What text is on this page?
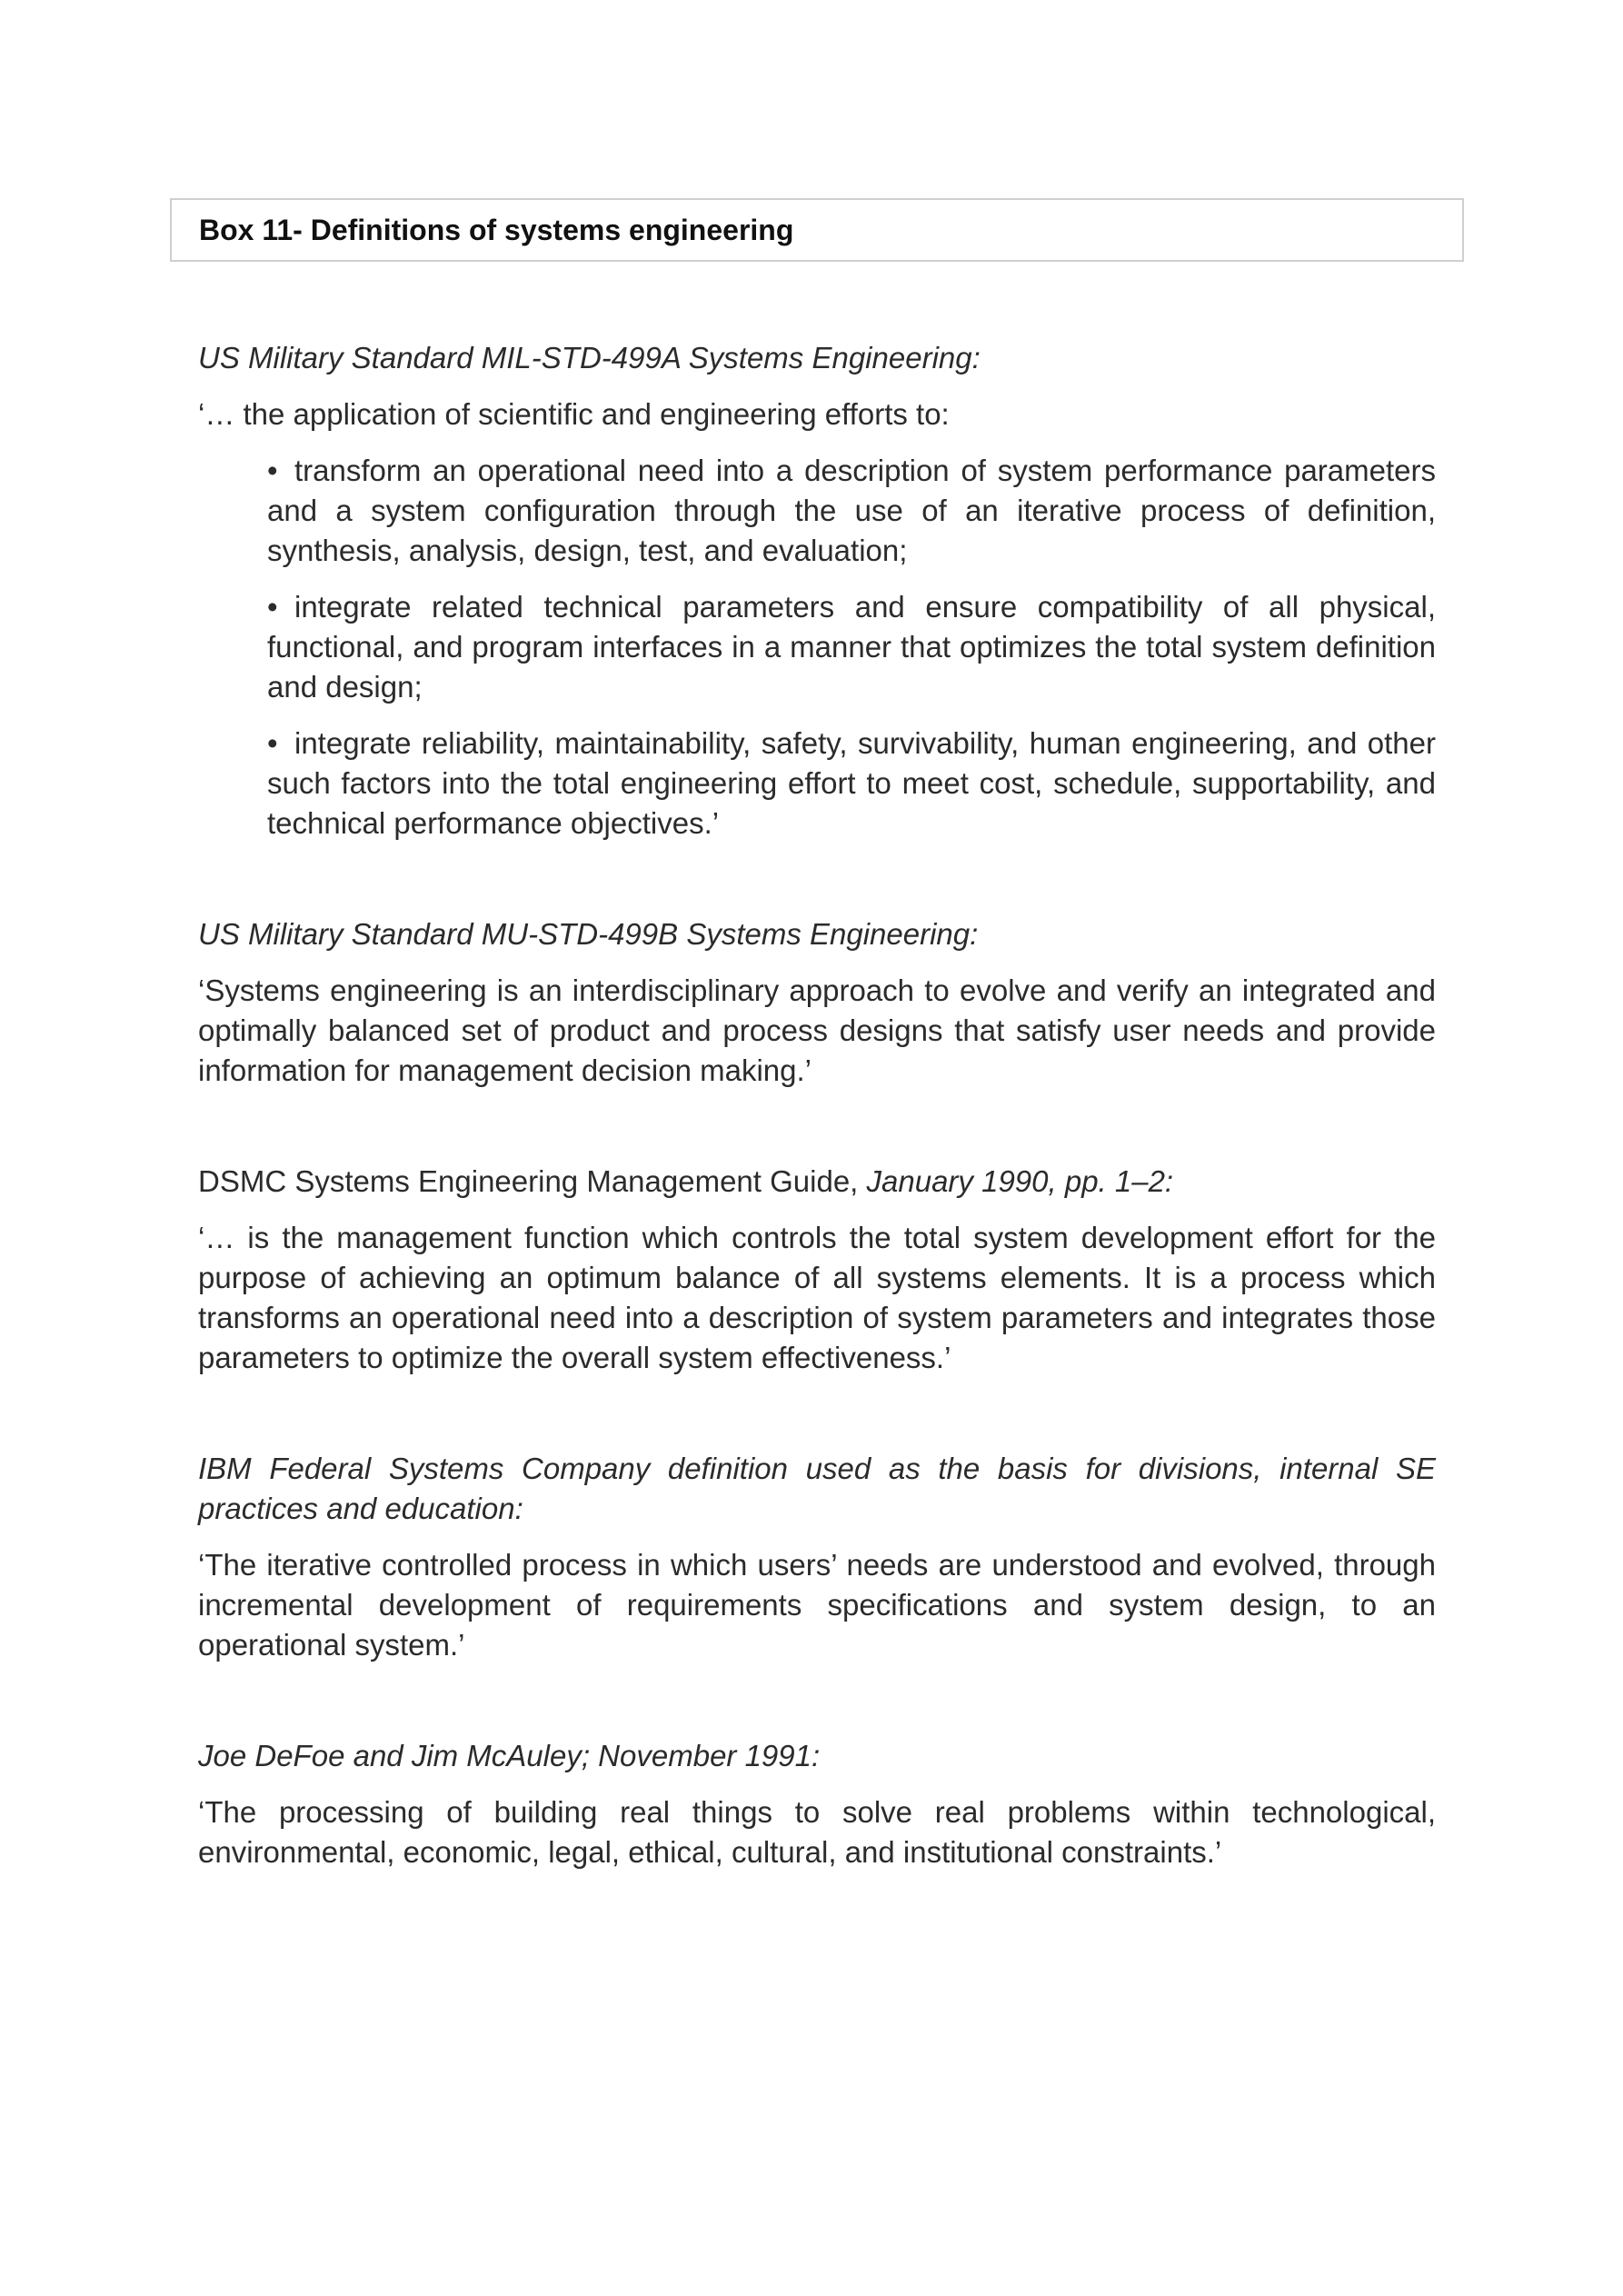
Box 11- Definitions of systems engineering

US Military Standard MIL-STD-499A Systems Engineering:

‘… the application of scientific and engineering efforts to:

• transform an operational need into a description of system performance parameters and a system configuration through the use of an iterative process of definition, synthesis, analysis, design, test, and evaluation;
• integrate related technical parameters and ensure compatibility of all physical, functional, and program interfaces in a manner that optimizes the total system definition and design;
• integrate reliability, maintainability, safety, survivability, human engineering, and other such factors into the total engineering effort to meet cost, schedule, supportability, and technical performance objectives.’

US Military Standard MU-STD-499B Systems Engineering:

‘Systems engineering is an interdisciplinary approach to evolve and verify an integrated and optimally balanced set of product and process designs that satisfy user needs and provide information for management decision making.’

DSMC Systems Engineering Management Guide, January 1990, pp. 1–2:

‘… is the management function which controls the total system development effort for the purpose of achieving an optimum balance of all systems elements. It is a process which transforms an operational need into a description of system parameters and integrates those parameters to optimize the overall system effectiveness.’

IBM Federal Systems Company definition used as the basis for divisions, internal SE practices and education:

‘The iterative controlled process in which users’ needs are understood and evolved, through incremental development of requirements specifications and system design, to an operational system.’

Joe DeFoe and Jim McAuley; November 1991:

‘The processing of building real things to solve real problems within technological, environmental, economic, legal, ethical, cultural, and institutional constraints.’
